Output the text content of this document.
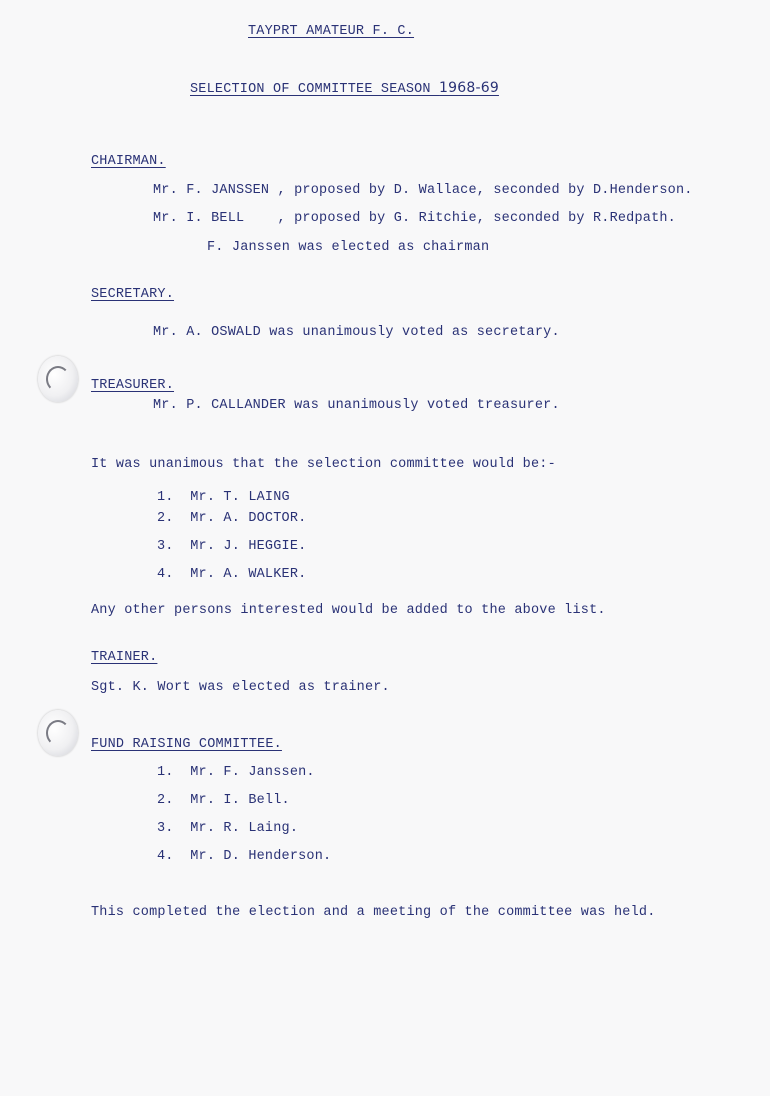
TAYPRT AMATEUR F. C.
SELECTION OF COMMITTEE SEASON 1968-69
CHAIRMAN.
Mr. F. JANSSEN , proposed by D. Wallace, seconded by D.Henderson.
Mr. I. BELL    , proposed by G. Ritchie, seconded by R.Redpath.
F. Janssen was elected as chairman
SECRETARY.
Mr. A. OSWALD was unanimously voted as secretary.
TREASURER.
Mr. P. CALLANDER was unanimously voted treasurer.
It was unanimous that the selection committee would be:-
1. Mr. T. LAING
2. Mr. A. DOCTOR.
3. Mr. J. HEGGIE.
4. Mr. A. WALKER.
Any other persons interested would be added to the above list.
TRAINER.
Sgt. K. Wort was elected as trainer.
FUND RAISING COMMITTEE.
1. Mr. F. Janssen.
2. Mr. I. Bell.
3. Mr. R. Laing.
4. Mr. D. Henderson.
This completed the election and a meeting of the committee was held.
